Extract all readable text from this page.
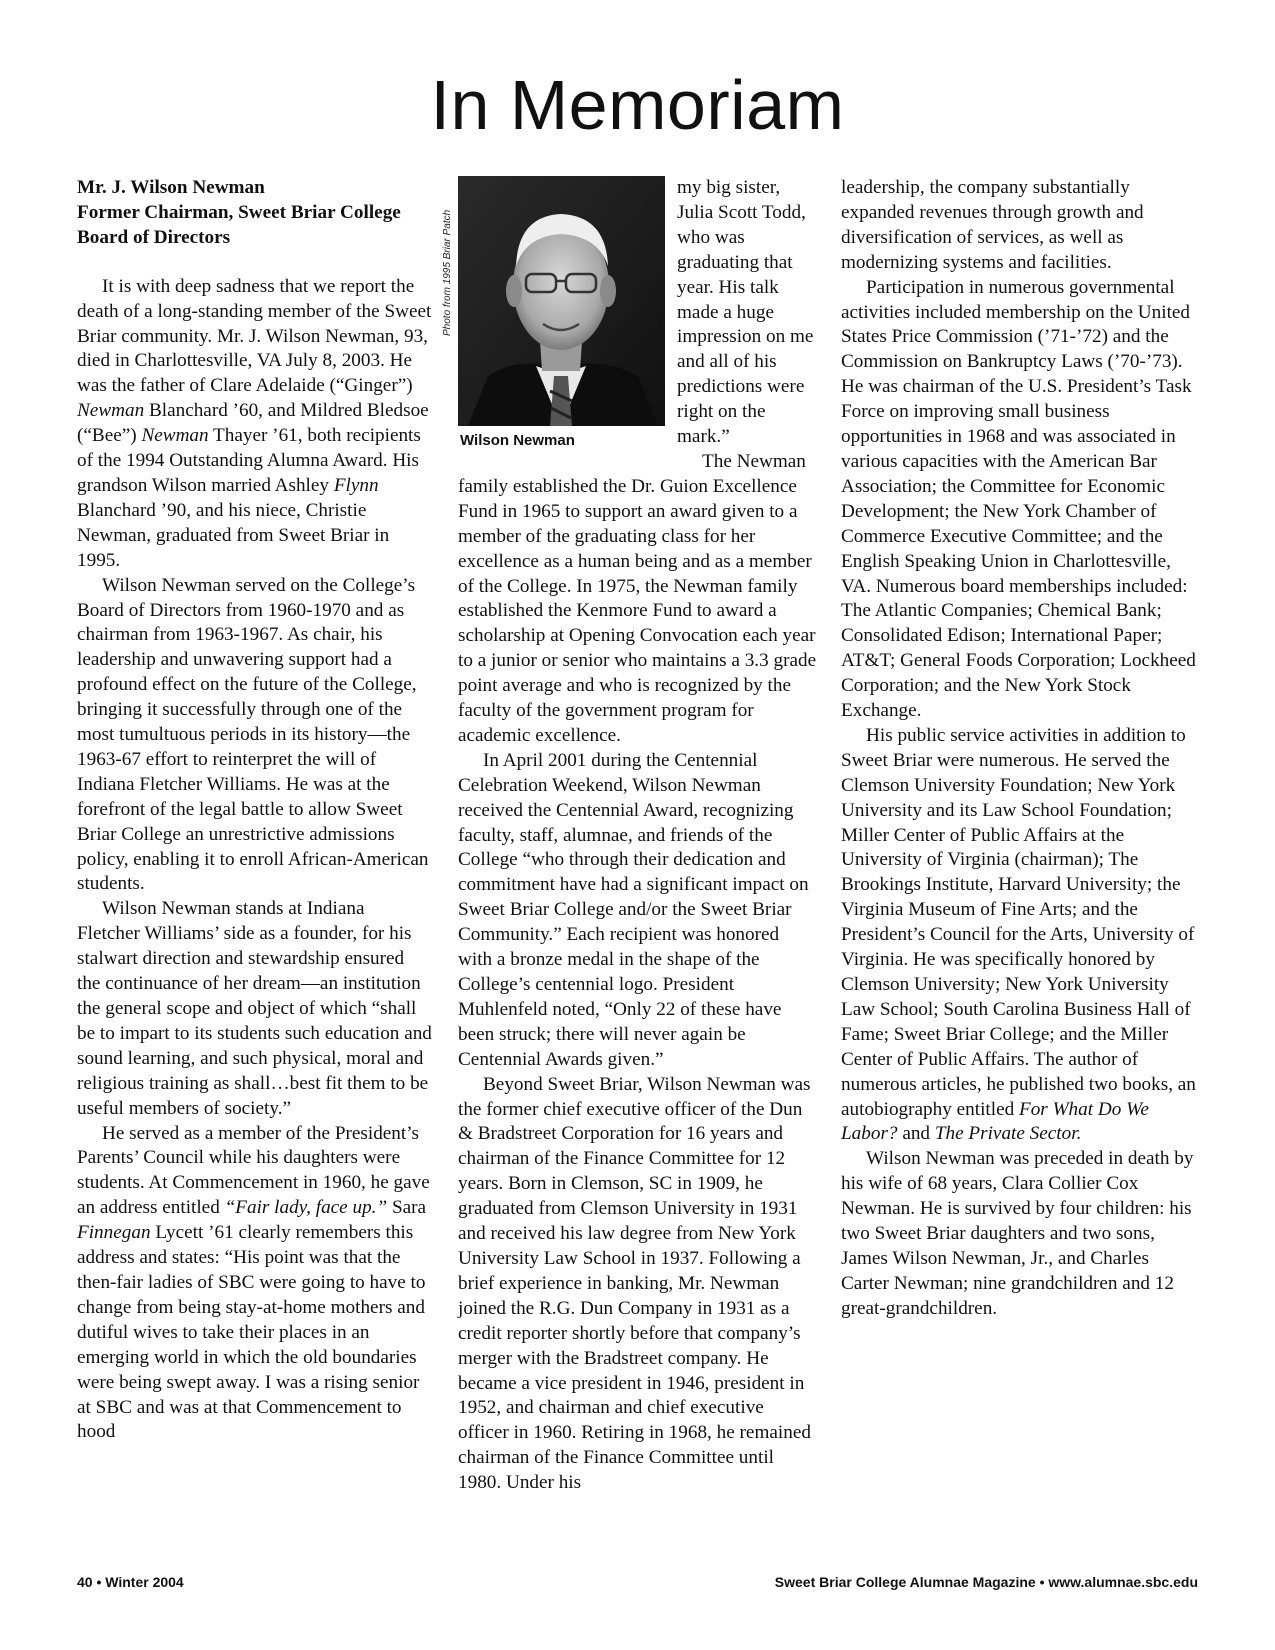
In Memoriam
Mr. J. Wilson Newman
Former Chairman, Sweet Briar College
Board of Directors

It is with deep sadness that we report the death of a long-standing member of the Sweet Briar community. Mr. J. Wilson Newman, 93, died in Charlottesville, VA July 8, 2003. He was the father of Clare Adelaide (“Ginger”) Newman Blanchard ’60, and Mildred Bledsoe (“Bee”) Newman Thayer ’61, both recipients of the 1994 Outstanding Alumna Award. His grandson Wilson married Ashley Flynn Blanchard ’90, and his niece, Christie Newman, graduated from Sweet Briar in 1995.

Wilson Newman served on the College’s Board of Directors from 1960-1970 and as chairman from 1963-1967. As chair, his leadership and unwavering support had a profound effect on the future of the College, bringing it successfully through one of the most tumultuous periods in its history—the 1963-67 effort to reinterpret the will of Indiana Fletcher Williams. He was at the forefront of the legal battle to allow Sweet Briar College an unrestrictive admissions policy, enabling it to enroll African-American students.

Wilson Newman stands at Indiana Fletcher Williams’ side as a founder, for his stalwart direction and stewardship ensured the continuance of her dream—an institution the general scope and object of which “shall be to impart to its students such education and sound learning, and such physical, moral and religious training as shall…best fit them to be useful members of society.”

He served as a member of the President’s Parents’ Council while his daughters were students. At Commencement in 1960, he gave an address entitled “Fair lady, face up.” Sara Finnegan Lycett ’61 clearly remembers this address and states: “His point was that the then-fair ladies of SBC were going to have to change from being stay-at-home mothers and dutiful wives to take their places in an emerging world in which the old boundaries were being swept away. I was a rising senior at SBC and was at that Commencement to hood

Photo from 1995 Briar Patch
Wilson Newman

my big sister, Julia Scott Todd, who was graduating that year. His talk made a huge impression on me and all of his predictions were right on the mark.”

The Newman family established the Dr. Guion Excellence Fund in 1965 to support an award given to a member of the graduating class for her excellence as a human being and as a member of the College. In 1975, the Newman family established the Kenmore Fund to award a scholarship at Opening Convocation each year to a junior or senior who maintains a 3.3 grade point average and who is recognized by the faculty of the government program for academic excellence.

In April 2001 during the Centennial Celebration Weekend, Wilson Newman received the Centennial Award, recognizing faculty, staff, alumnae, and friends of the College “who through their dedication and commitment have had a significant impact on Sweet Briar College and/or the Sweet Briar Community.” Each recipient was honored with a bronze medal in the shape of the College’s centennial logo. President Muhlenfeld noted, “Only 22 of these have been struck; there will never again be Centennial Awards given.”

Beyond Sweet Briar, Wilson Newman was the former chief executive officer of the Dun & Bradstreet Corporation for 16 years and chairman of the Finance Committee for 12 years. Born in Clemson, SC in 1909, he graduated from Clemson University in 1931 and received his law degree from New York University Law School in 1937. Following a brief experience in banking, Mr. Newman joined the R.G. Dun Company in 1931 as a credit reporter shortly before that company’s merger with the Bradstreet company. He became a vice president in 1946, president in 1952, and chairman and chief executive officer in 1960. Retiring in 1968, he remained chairman of the Finance Committee until 1980. Under his

leadership, the company substantially expanded revenues through growth and diversification of services, as well as modernizing systems and facilities.

Participation in numerous governmental activities included membership on the United States Price Commission (’71-’72) and the Commission on Bankruptcy Laws (’70-’73). He was chairman of the U.S. President’s Task Force on improving small business opportunities in 1968 and was associated in various capacities with the American Bar Association; the Committee for Economic Development; the New York Chamber of Commerce Executive Committee; and the English Speaking Union in Charlottesville, VA. Numerous board memberships included: The Atlantic Companies; Chemical Bank; Consolidated Edison; International Paper; AT&T; General Foods Corporation; Lockheed Corporation; and the New York Stock Exchange.

His public service activities in addition to Sweet Briar were numerous. He served the Clemson University Foundation; New York University and its Law School Foundation; Miller Center of Public Affairs at the University of Virginia (chairman); The Brookings Institute, Harvard University; the Virginia Museum of Fine Arts; and the President’s Council for the Arts, University of Virginia. He was specifically honored by Clemson University; New York University Law School; South Carolina Business Hall of Fame; Sweet Briar College; and the Miller Center of Public Affairs. The author of numerous articles, he published two books, an autobiography entitled For What Do We Labor? and The Private Sector.

Wilson Newman was preceded in death by his wife of 68 years, Clara Collier Cox Newman. He is survived by four children: his two Sweet Briar daughters and two sons, James Wilson Newman, Jr., and Charles Carter Newman; nine grandchildren and 12 great-grandchildren.

40 • Winter 2004	Sweet Briar College Alumnae Magazine • www.alumnae.sbc.edu
